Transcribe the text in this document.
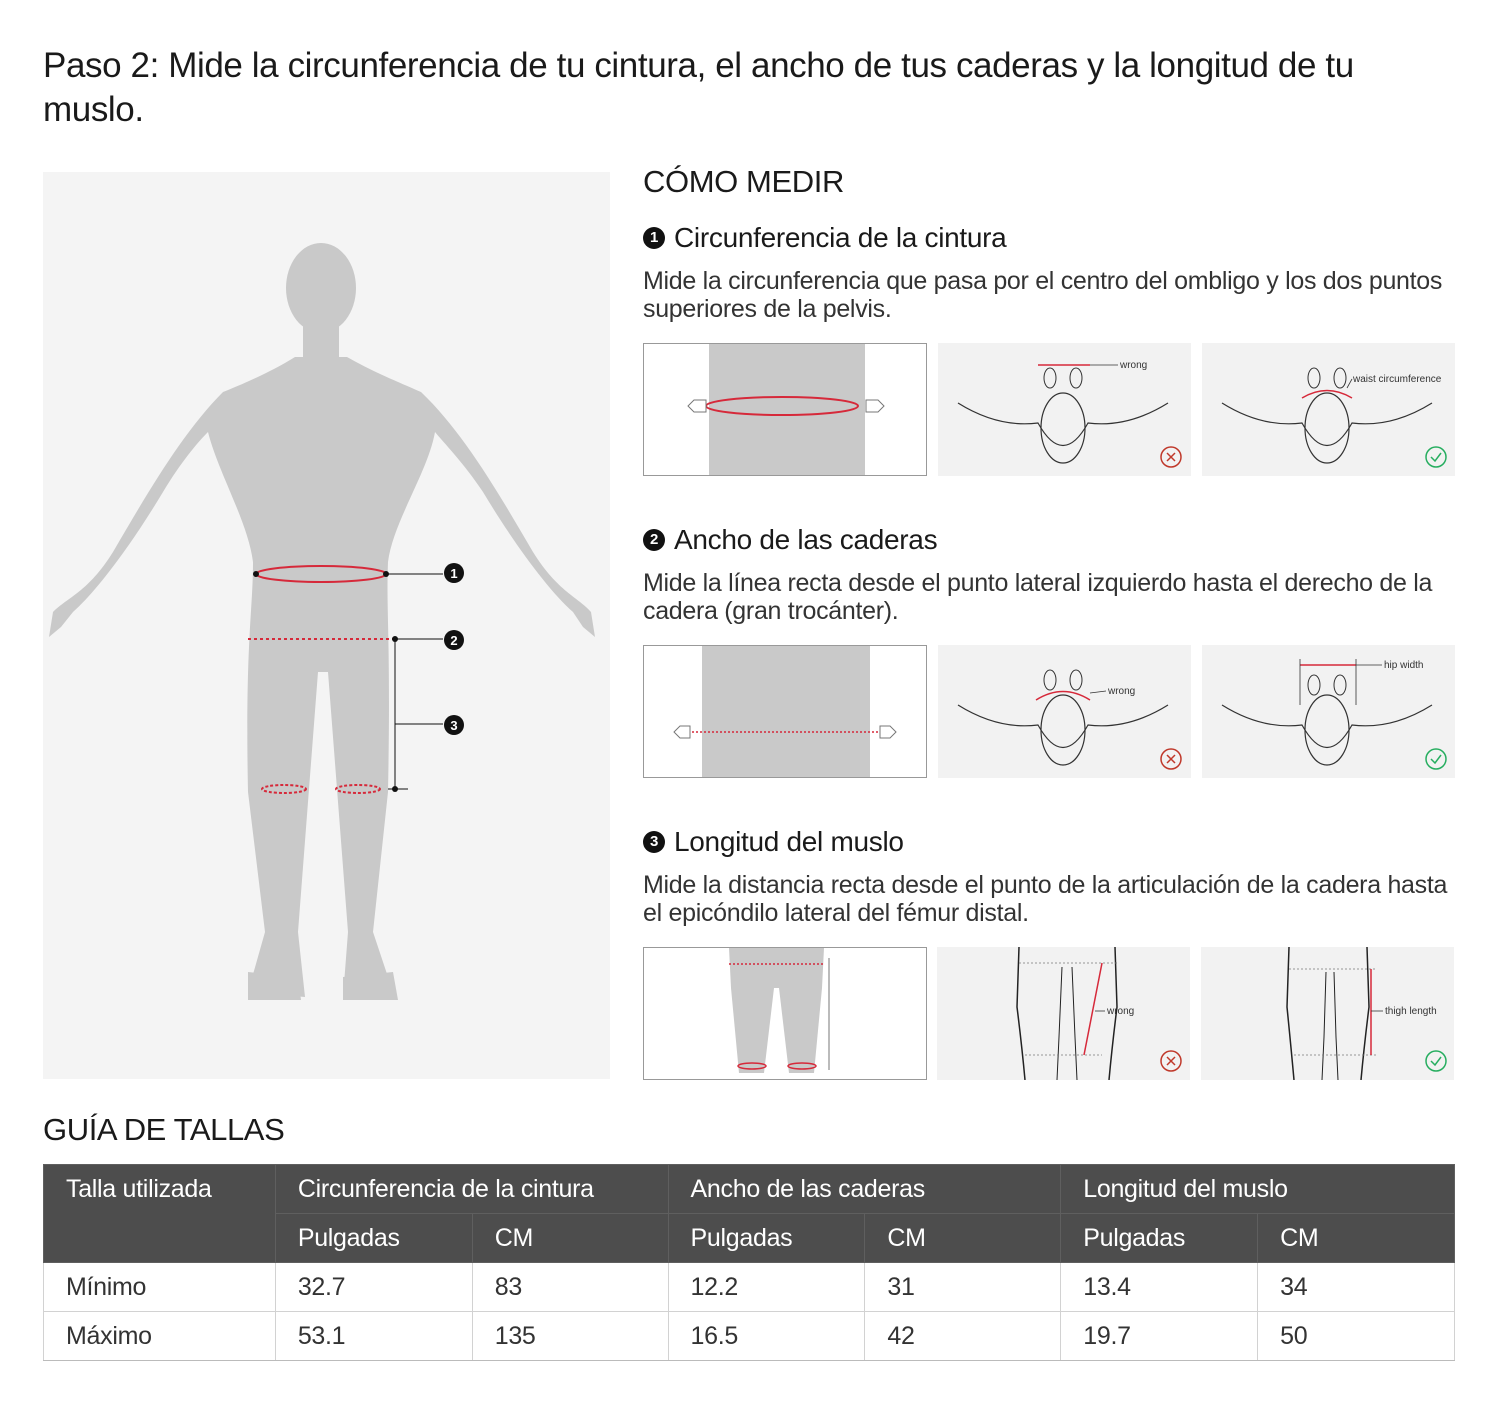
Paso 2: Mide la circunferencia de tu cintura, el ancho de tus caderas y la longitud de tu muslo.
1
2
3
CÓMO MEDIR
1 Circunferencia de la cintura

Mide la circunferencia que pasa por el centro del ombligo y los dos puntos superiores de la pelvis.

wrong
waist circumference
2 Ancho de las caderas

Mide la línea recta desde el punto lateral izquierdo hasta el derecho de la cadera (gran trocánter).

wrong
hip width
3 Longitud del muslo

Mide la distancia recta desde el punto de la articulación de la cadera hasta el epicóndilo lateral del fémur distal.

wrong	thigh length
GUÍA DE TALLAS
Talla utilizada	Circunferencia de la cintura		Ancho de las caderas		Longitud del muslo	
	Pulgadas	CM	Pulgadas	CM	Pulgadas	CM
Mínimo	32.7	83	12.2	31	13.4	34
Máximo	53.1	135	16.5	42	19.7	50
